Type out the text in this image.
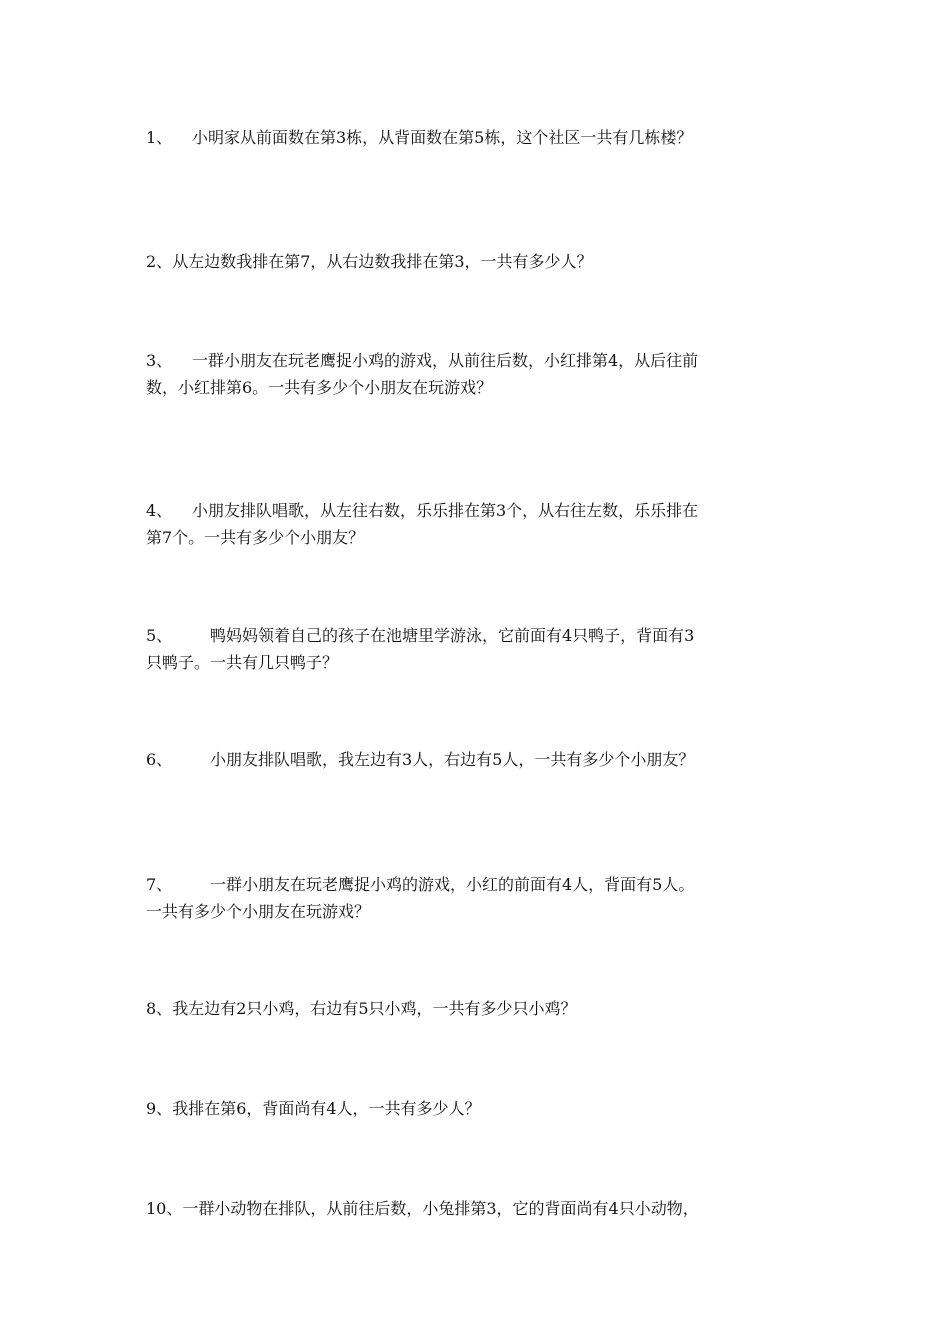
1、 小明家从前面数在第3栋，从背面数在第5栋，这个社区一共有几栋楼？
2、从左边数我排在第7，从右边数我排在第3，一共有多少人？
3、 一群小朋友在玩老鹰捉小鸡的游戏，从前往后数，小红排第4，从后往前
数，小红排第6。一共有多少个小朋友在玩游戏？
4、 小朋友排队唱歌，从左往右数，乐乐排在第3个，从右往左数，乐乐排在
第7个。一共有多少个小朋友？
5、 鸭妈妈领着自己的孩子在池塘里学游泳，它前面有4只鸭子，背面有3
只鸭子。一共有几只鸭子？
6、 小朋友排队唱歌，我左边有3人，右边有5人，一共有多少个小朋友？
7、 一群小朋友在玩老鹰捉小鸡的游戏，小红的前面有4人，背面有5人。
一共有多少个小朋友在玩游戏？
8、我左边有2只小鸡，右边有5只小鸡，一共有多少只小鸡？
9、我排在第6，背面尚有4人，一共有多少人？
10、一群小动物在排队，从前往后数，小兔排第3，它的背面尚有4只小动物，
